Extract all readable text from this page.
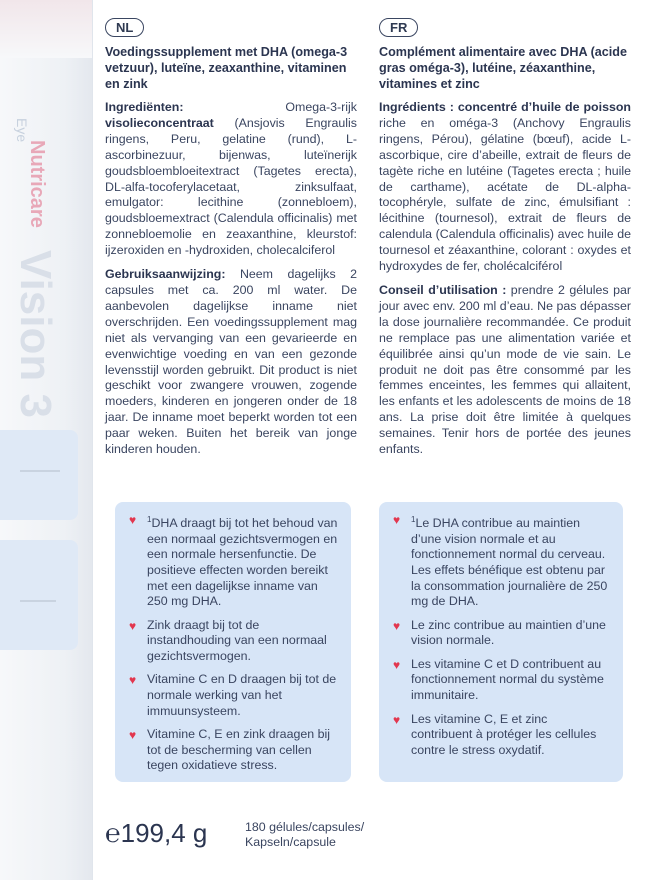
Nutricare
Eye
Vision 3
NL

Voedingssupplement met DHA (omega-3 vetzuur), luteïne, zeaxanthine, vitaminen en zink

Ingrediënten: Omega-3-rijk visolieconcentraat (Ansjovis Engraulis ringens, Peru, gelatine (rund), L-ascorbinezuur, bijenwas, luteïnerijk goudsbloembloeitextract (Tagetes erecta), DL-alfa-tocoferylacetaat, zinksulfaat, emulgator: lecithine (zonnebloem), goudsbloemextract (Calendula officinalis) met zonnebloemolie en zeaxanthine, kleurstof: ijzeroxiden en -hydroxiden, cholecalciferol

Gebruiksaanwijzing: Neem dagelijks 2 capsules met ca. 200 ml water. De aanbevolen dagelijkse inname niet overschrijden. Een voedingssupplement mag niet als vervanging van een gevarieerde en evenwichtige voeding en van een gezonde levensstijl worden gebruikt. Dit product is niet geschikt voor zwangere vrouwen, zogende moeders, kinderen en jongeren onder de 18 jaar. De inname moet beperkt worden tot een paar weken. Buiten het bereik van jonge kinderen houden.

FR

Complément alimentaire avec DHA (acide gras oméga-3), lutéine, zéaxanthine, vitamines et zinc

Ingrédients : concentré d’huile de poisson riche en oméga-3 (Anchovy Engraulis ringens, Pérou), gélatine (bœuf), acide L-ascorbique, cire d’abeille, extrait de fleurs de tagète riche en lutéine (Tagetes erecta ; huile de carthame), acétate de DL-alpha-tocophéryle, sulfate de zinc, émulsifiant : lécithine (tournesol), extrait de fleurs de calendula (Calendula officinalis) avec huile de tournesol et zéaxanthine, colorant : oxydes et hydroxydes de fer, cholécalciférol

Conseil d’utilisation : prendre 2 gélules par jour avec env. 200 ml d’eau. Ne pas dépasser la dose journalière recommandée. Ce produit ne remplace pas une alimentation variée et équilibrée ainsi qu’un mode de vie sain. Le produit ne doit pas être consommé par les femmes enceintes, les femmes qui allaitent, les enfants et les adolescents de moins de 18 ans. La prise doit être limitée à quelques semaines. Tenir hors de portée des jeunes enfants.

♥ $^1$DHA draagt bij tot het behoud van een normaal gezichtsvermogen en een normale hersenfunctie. De positieve effecten worden bereikt met een dagelijkse inname van 250 mg DHA.
♥ Zink draagt bij tot de instandhouding van een normaal gezichtsvermogen.
♥ Vitamine C en D draagen bij tot de normale werking van het immuunsysteem.
♥ Vitamine C, E en zink draagen bij tot de bescherming van cellen tegen oxidatieve stress.
♥ $^1$Le DHA contribue au maintien d’une vision normale et au fonctionnement normal du cerveau. Les effets bénéfique est obtenu par la consommation journalière de 250 mg de DHA.
♥ Le zinc contribue au maintien d’une vision normale.
♥ Les vitamine C et D contribuent au fonctionnement normal du système immunitaire.
♥ Les vitamine C, E et zinc contribuent à protéger les cellules contre le stress oxydatif.
℮199,4 g	180 gélules/capsules/ Kapseln/capsule
